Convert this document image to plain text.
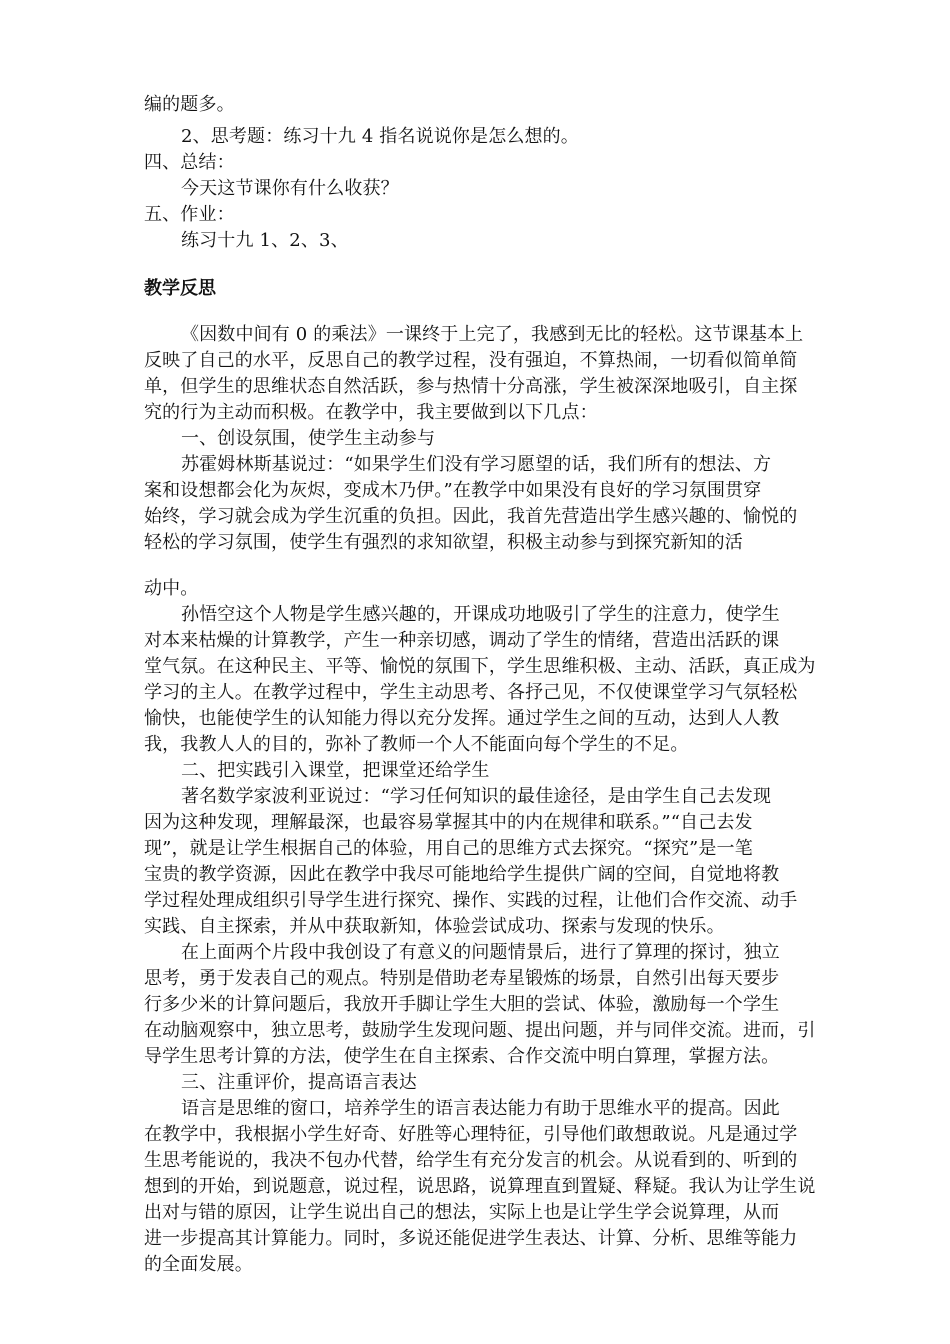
编的题多。
2、思考题：练习十九 4 指名说说你是怎么想的。
四、总结：
今天这节课你有什么收获？
五、作业：
练习十九 1、2、3、
教学反思
《因数中间有 0 的乘法》一课终于上完了，我感到无比的轻松。这节课基本上
反映了自己的水平，反思自己的教学过程，没有强迫，不算热闹，一切看似简单简
单，但学生的思维状态自然活跃，参与热情十分高涨，学生被深深地吸引，自主探
究的行为主动而积极。在教学中，我主要做到以下几点：
一、创设氛围，使学生主动参与
苏霍姆林斯基说过：“如果学生们没有学习愿望的话，我们所有的想法、方
案和设想都会化为灰烬，变成木乃伊。”在教学中如果没有良好的学习氛围贯穿
始终，学习就会成为学生沉重的负担。因此，我首先营造出学生感兴趣的、愉悦的
轻松的学习氛围，使学生有强烈的求知欲望，积极主动参与到探究新知的活
动中。
孙悟空这个人物是学生感兴趣的，开课成功地吸引了学生的注意力，使学生
对本来枯燥的计算教学，产生一种亲切感，调动了学生的情绪，营造出活跃的课
堂气氛。在这种民主、平等、愉悦的氛围下，学生思维积极、主动、活跃，真正成为
学习的主人。在教学过程中，学生主动思考、各抒己见，不仅使课堂学习气氛轻松
愉快，也能使学生的认知能力得以充分发挥。通过学生之间的互动，达到人人教
我，我教人人的目的，弥补了教师一个人不能面向每个学生的不足。
二、把实践引入课堂，把课堂还给学生
著名数学家波利亚说过：“学习任何知识的最佳途径，是由学生自己去发现
因为这种发现，理解最深，也最容易掌握其中的内在规律和联系。”“自己去发
现”，就是让学生根据自己的体验，用自己的思维方式去探究。“探究”是一笔
宝贵的教学资源，因此在教学中我尽可能地给学生提供广阔的空间，自觉地将教
学过程处理成组织引导学生进行探究、操作、实践的过程，让他们合作交流、动手
实践、自主探索，并从中获取新知，体验尝试成功、探索与发现的快乐。
在上面两个片段中我创设了有意义的问题情景后，进行了算理的探讨，独立
思考，勇于发表自己的观点。特别是借助老寿星锻炼的场景，自然引出每天要步
行多少米的计算问题后，我放开手脚让学生大胆的尝试、体验，激励每一个学生
在动脑观察中，独立思考，鼓励学生发现问题、提出问题，并与同伴交流。进而，引
导学生思考计算的方法，使学生在自主探索、合作交流中明白算理，掌握方法。
三、注重评价，提高语言表达
语言是思维的窗口，培养学生的语言表达能力有助于思维水平的提高。因此
在教学中，我根据小学生好奇、好胜等心理特征，引导他们敢想敢说。凡是通过学
生思考能说的，我决不包办代替，给学生有充分发言的机会。从说看到的、听到的
想到的开始，到说题意，说过程，说思路，说算理直到置疑、释疑。我认为让学生说
出对与错的原因，让学生说出自己的想法，实际上也是让学生学会说算理，从而
进一步提高其计算能力。同时，多说还能促进学生表达、计算、分析、思维等能力
的全面发展。
